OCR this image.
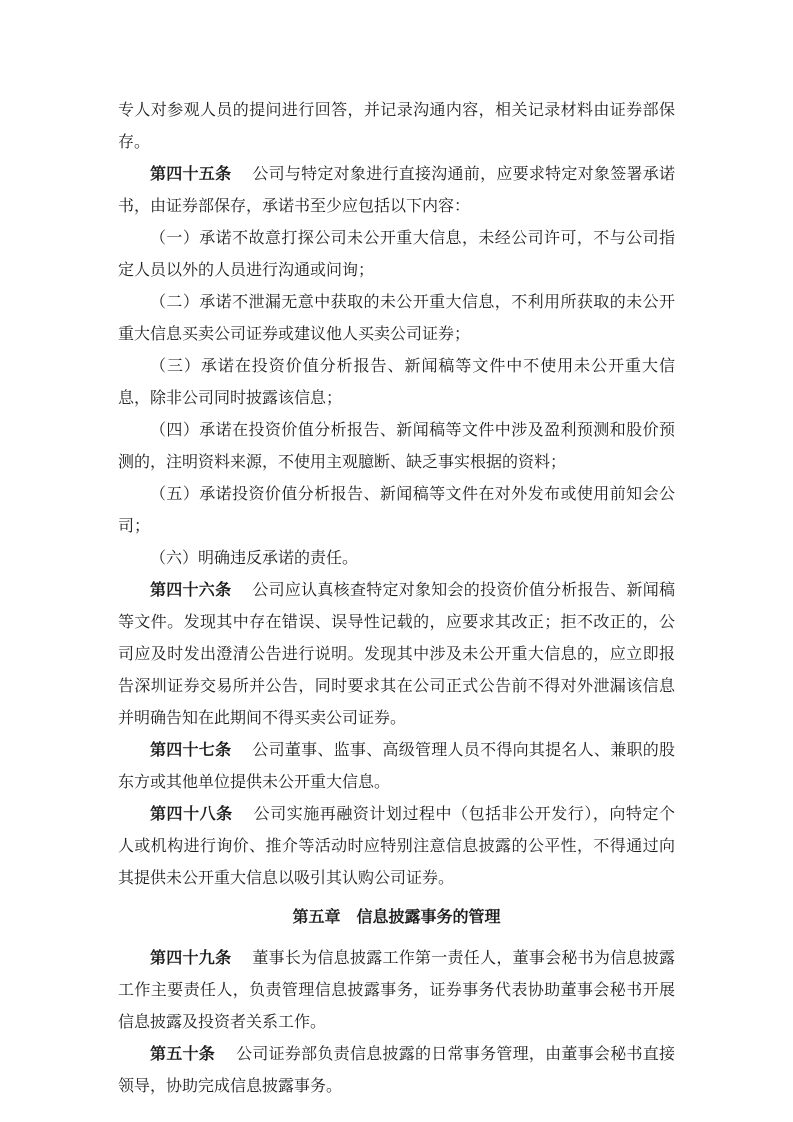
专人对参观人员的提问进行回答，并记录沟通内容，相关记录材料由证券部保存。

第四十五条 公司与特定对象进行直接沟通前，应要求特定对象签署承诺书，由证券部保存，承诺书至少应包括以下内容：

（一）承诺不故意打探公司未公开重大信息，未经公司许可，不与公司指定人员以外的人员进行沟通或问询；

（二）承诺不泄漏无意中获取的未公开重大信息，不利用所获取的未公开重大信息买卖公司证券或建议他人买卖公司证券；

（三）承诺在投资价值分析报告、新闻稿等文件中不使用未公开重大信息，除非公司同时披露该信息；

（四）承诺在投资价值分析报告、新闻稿等文件中涉及盈利预测和股价预测的，注明资料来源，不使用主观臆断、缺乏事实根据的资料；

（五）承诺投资价值分析报告、新闻稿等文件在对外发布或使用前知会公司；

（六）明确违反承诺的责任。

第四十六条 公司应认真核查特定对象知会的投资价值分析报告、新闻稿等文件。发现其中存在错误、误导性记载的，应要求其改正；拒不改正的，公司应及时发出澄清公告进行说明。发现其中涉及未公开重大信息的，应立即报告深圳证券交易所并公告，同时要求其在公司正式公告前不得对外泄漏该信息并明确告知在此期间不得买卖公司证券。

第四十七条 公司董事、监事、高级管理人员不得向其提名人、兼职的股东方或其他单位提供未公开重大信息。

第四十八条 公司实施再融资计划过程中（包括非公开发行），向特定个人或机构进行询价、推介等活动时应特别注意信息披露的公平性，不得通过向其提供未公开重大信息以吸引其认购公司证券。

第五章　信息披露事务的管理

第四十九条 董事长为信息披露工作第一责任人，董事会秘书为信息披露工作主要责任人，负责管理信息披露事务，证券事务代表协助董事会秘书开展信息披露及投资者关系工作。

第五十条 公司证券部负责信息披露的日常事务管理，由董事会秘书直接领导，协助完成信息披露事务。
